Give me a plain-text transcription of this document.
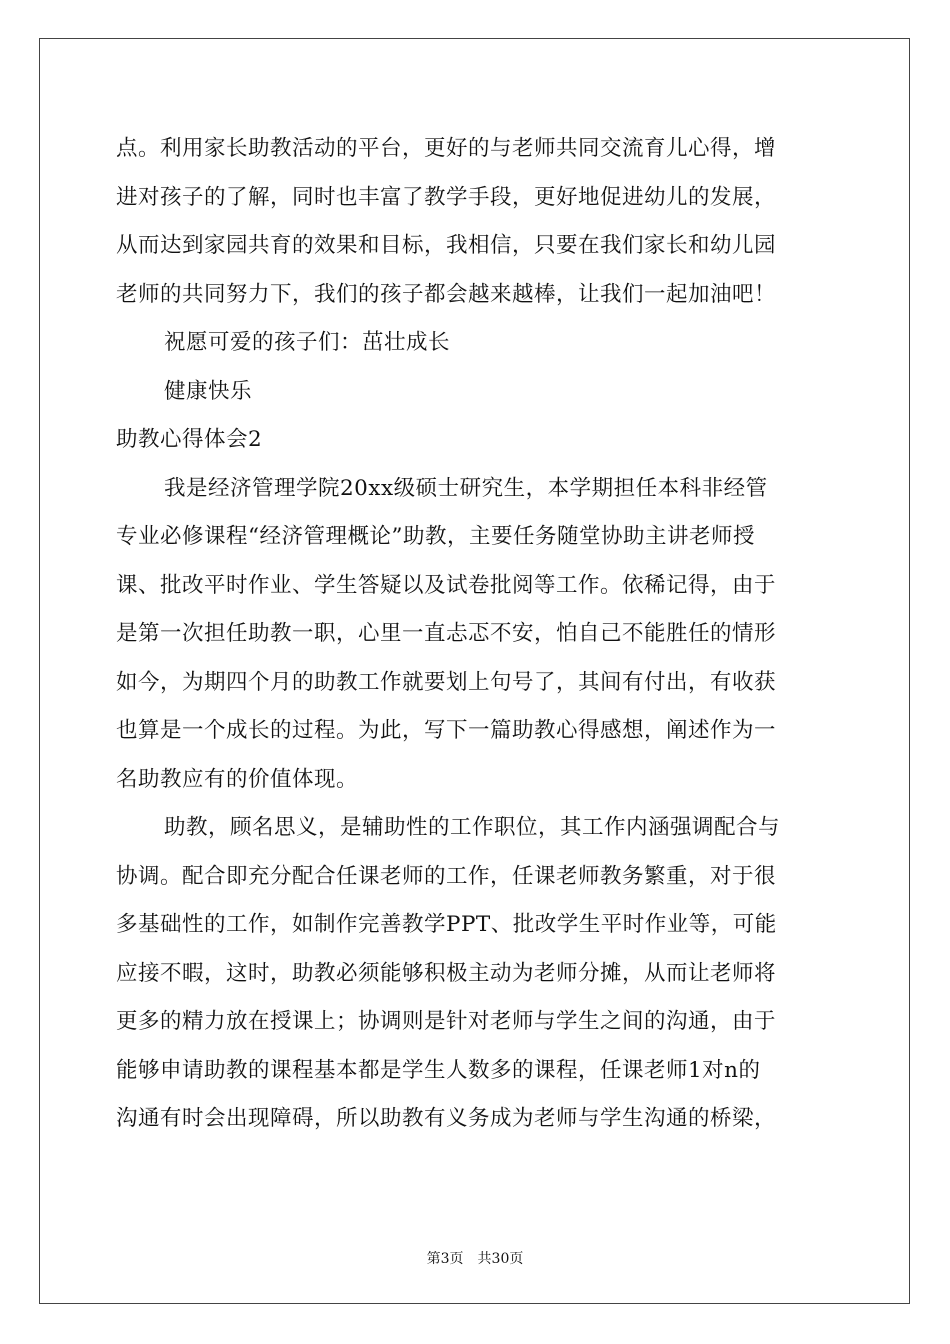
点。利用家长助教活动的平台，更好的与老师共同交流育儿心得，增
进对孩子的了解，同时也丰富了教学手段，更好地促进幼儿的发展，
从而达到家园共育的效果和目标，我相信，只要在我们家长和幼儿园
老师的共同努力下，我们的孩子都会越来越棒，让我们一起加油吧！
祝愿可爱的孩子们：茁壮成长
健康快乐
助教心得体会2
我是经济管理学院20xx级硕士研究生，本学期担任本科非经管
专业必修课程“经济管理概论”助教，主要任务随堂协助主讲老师授
课、批改平时作业、学生答疑以及试卷批阅等工作。依稀记得，由于
是第一次担任助教一职，心里一直忐忑不安，怕自己不能胜任的情形
如今，为期四个月的助教工作就要划上句号了，其间有付出，有收获
也算是一个成长的过程。为此，写下一篇助教心得感想，阐述作为一
名助教应有的价值体现。
助教，顾名思义，是辅助性的工作职位，其工作内涵强调配合与
协调。配合即充分配合任课老师的工作，任课老师教务繁重，对于很
多基础性的工作，如制作完善教学PPT、批改学生平时作业等，可能
应接不暇，这时，助教必须能够积极主动为老师分摊，从而让老师将
更多的精力放在授课上；协调则是针对老师与学生之间的沟通，由于
能够申请助教的课程基本都是学生人数多的课程，任课老师1对n的
沟通有时会出现障碍，所以助教有义务成为老师与学生沟通的桥梁，
第3页 共30页
